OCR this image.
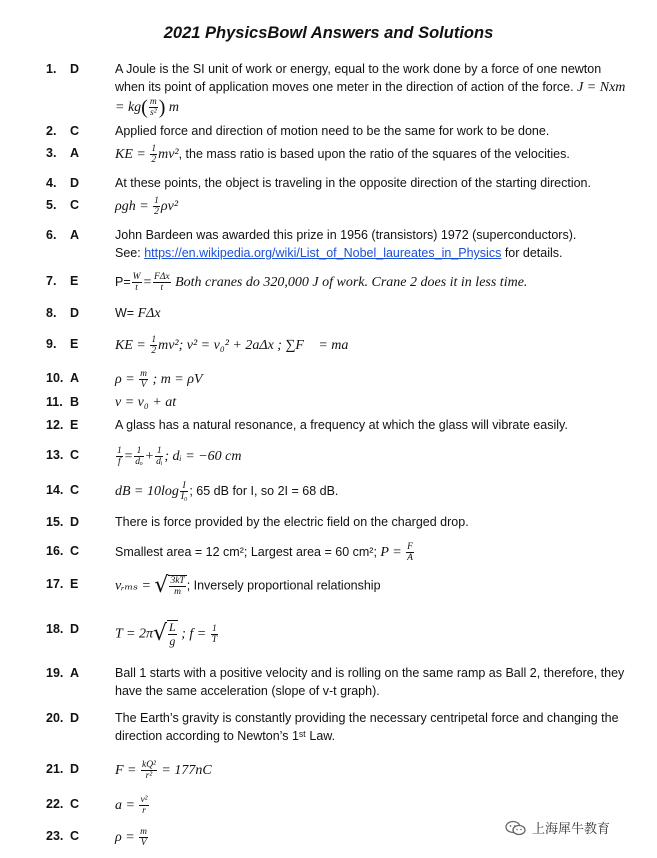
2021 PhysicsBowl Answers and Solutions
1. D	A Joule is the SI unit of work or energy, equal to the work done by a force of one newton when its point of application moves one meter in the direction of action of the force. J = Nxm = $kg( \frac{m}{\text{s²}}$ ) m
2. C	Applied force and direction of motion need to be the same for work to be done.
3. A	KE = $\frac{1}{2} mv^2$, the mass ratio is based upon the ratio of the squares of the velocities.
4. D	At these points, the object is traveling in the opposite direction of the starting direction.
5. C	$\rho gh = \frac{1}{2} \rho v^2$
6. A	John Bardeen was awarded this prize in 1956 (transistors) 1972 (superconductors).
See: https://en.wikipedia.org/wiki/List_of_Nobel_laureates_in_Physics for details.
7. E	$P= \frac{W}{t} = \frac{\text{FΔx}}{t}$ Both cranes do 320,000 J of work. Crane 2 does it in less time.
8. D	W= FΔx
9. E	KE = $\frac{1}{2} mv^2$; v² = v₀² + 2aΔx ; ∑F⃗ = ma⃗
10. A	$\rho = \frac{m}{V}$ ; m = ρV
11. B	v = v₀ + at
12. E	A glass has a natural resonance, a frequency at which the glass will vibrate easily.
13. C	$\frac{1}{f} = \frac{1}{\text{dₒ}} + \frac{1}{\text{dᵢ}}$ ; dᵢ = −60 cm
14. C	dB = $10\log \frac{I}{\text{I₀}}$ ; 65 dB for I, so 2I = 68 dB.
15. D	There is force provided by the electric field on the charged drop.
16. C	Smallest area = 12 cm²; Largest area = 60 cm²; $P = \frac{F}{A}$
17. E	vᵣₘₛ = √ $\frac{3kT}{m}$ ; Inversely proportional relationship
18. D	$T = 2\pi√ \frac{L}{g}$ ; $f = \frac{1}{T}$
19. A	Ball 1 starts with a positive velocity and is rolling on the same ramp as Ball 2, therefore, they have the same acceleration (slope of v-t graph).
20. D	The Earth’s gravity is constantly providing the necessary centripetal force and changing the direction according to Newton’s 1ˢᵗ Law.
21. D	$F = \frac{\text{kQ²}}{\text{r²}} = 177nC$
22. C	$a = \frac{\text{v²}}{r}$
23. C	$\rho = \frac{m}{V}$	上海犀牛教育
